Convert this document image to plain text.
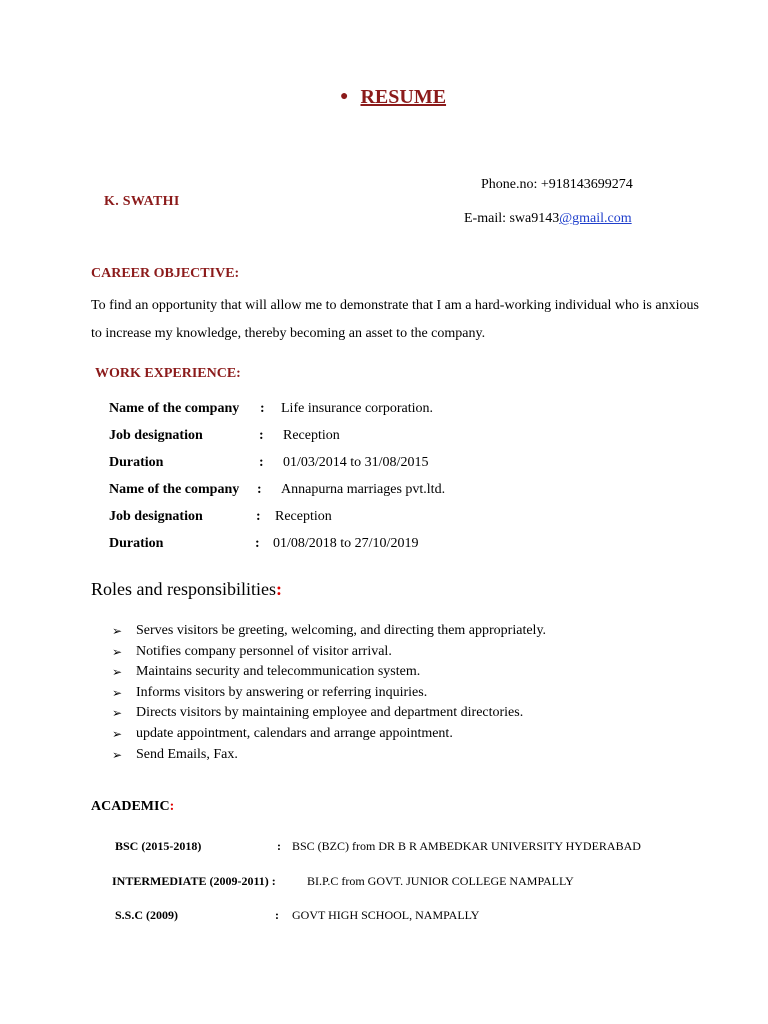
● RESUME
K. SWATHI
Phone.no: +918143699274
E-mail: swa9143@gmail.com
CAREER OBJECTIVE:
To find an opportunity that will allow me to demonstrate that I am a hard-working individual who is anxious to increase my knowledge, thereby becoming an asset to the company.
WORK EXPERIENCE:
Name of the company : Life insurance corporation.
Job designation	: Reception
Duration	: 01/03/2014 to 31/08/2015
Name of the company : Annapurna marriages pvt.ltd.
Job designation	: Reception
Duration	: 01/08/2018 to 27/10/2019
Roles and responsibilities:
➢ Serves visitors be greeting, welcoming, and directing them appropriately.
➢ Notifies company personnel of visitor arrival.
➢ Maintains security and telecommunication system.
➢ Informs visitors by answering or referring inquiries.
➢ Directs visitors by maintaining employee and department directories.
➢ update appointment, calendars and arrange appointment.
➢ Send Emails, Fax.
ACADEMIC:
BSC (2015-2018)	: BSC (BZC) from DR B R AMBEDKAR UNIVERSITY HYDERABAD
INTERMEDIATE (2009-2011) :	BI.P.C from GOVT. JUNIOR COLLEGE NAMPALLY
S.S.C (2009)	: GOVT HIGH SCHOOL, NAMPALLY
